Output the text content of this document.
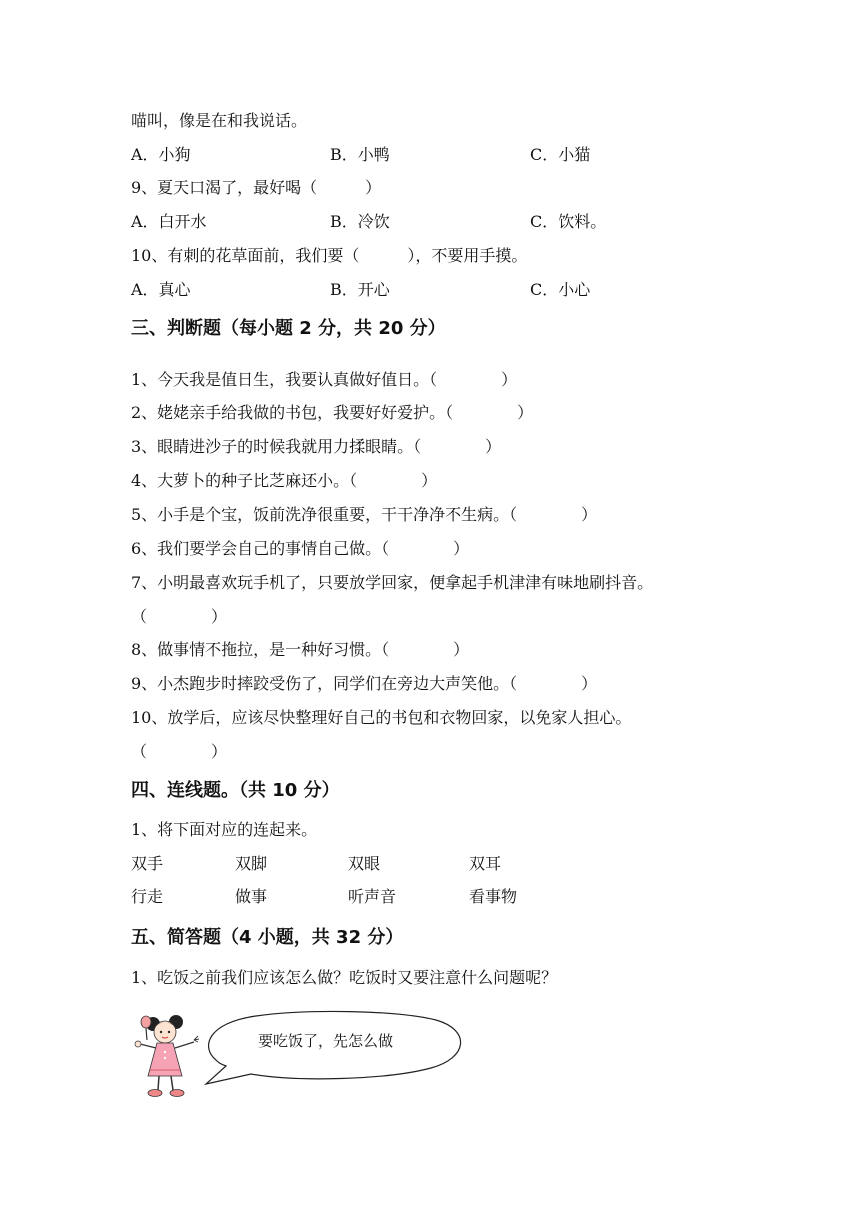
喵叫，像是在和我说话。
A．小狗	B．小鸭	C．小猫
9、夏天口渴了，最好喝（　　　）
A．白开水	B．冷饮	C．饮料。
10、有刺的花草面前，我们要（　　　），不要用手摸。
A．真心	B．开心	C．小心
三、判断题（每小题 2 分，共 20 分）
1、今天我是值日生，我要认真做好值日。（　　　　）
2、姥姥亲手给我做的书包，我要好好爱护。（　　　　）
3、眼睛进沙子的时候我就用力揉眼睛。（　　　　）
4、大萝卜的种子比芝麻还小。（　　　　）
5、小手是个宝，饭前洗净很重要，干干净净不生病。（　　　　）
6、我们要学会自己的事情自己做。（　　　　）
7、小明最喜欢玩手机了，只要放学回家，便拿起手机津津有味地刷抖音。
（　　　　）
8、做事情不拖拉，是一种好习惯。（　　　　）
9、小杰跑步时摔跤受伤了，同学们在旁边大声笑他。（　　　　）
10、放学后，应该尽快整理好自己的书包和衣物回家，以免家人担心。
（　　　　）
四、连线题。（共 10 分）
1、将下面对应的连起来。
双手	双脚	双眼	双耳
行走	做事	听声音	看事物
五、简答题（4 小题，共 32 分）
1、吃饭之前我们应该怎么做？吃饭时又要注意什么问题呢？
要吃饭了，先怎么做
